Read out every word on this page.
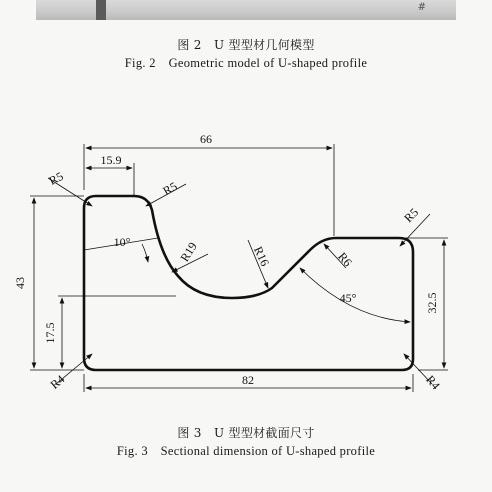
#
图 2　U 型型材几何模型
Fig. 2　Geometric model of U-shaped profile
66
15.9
82
43
17.5
32.5
10°
45°
R5
R5
R5
R19	R16	R6
R4	R4
图 3　U 型型材截面尺寸
Fig. 3　Sectional dimension of U-shaped profile
